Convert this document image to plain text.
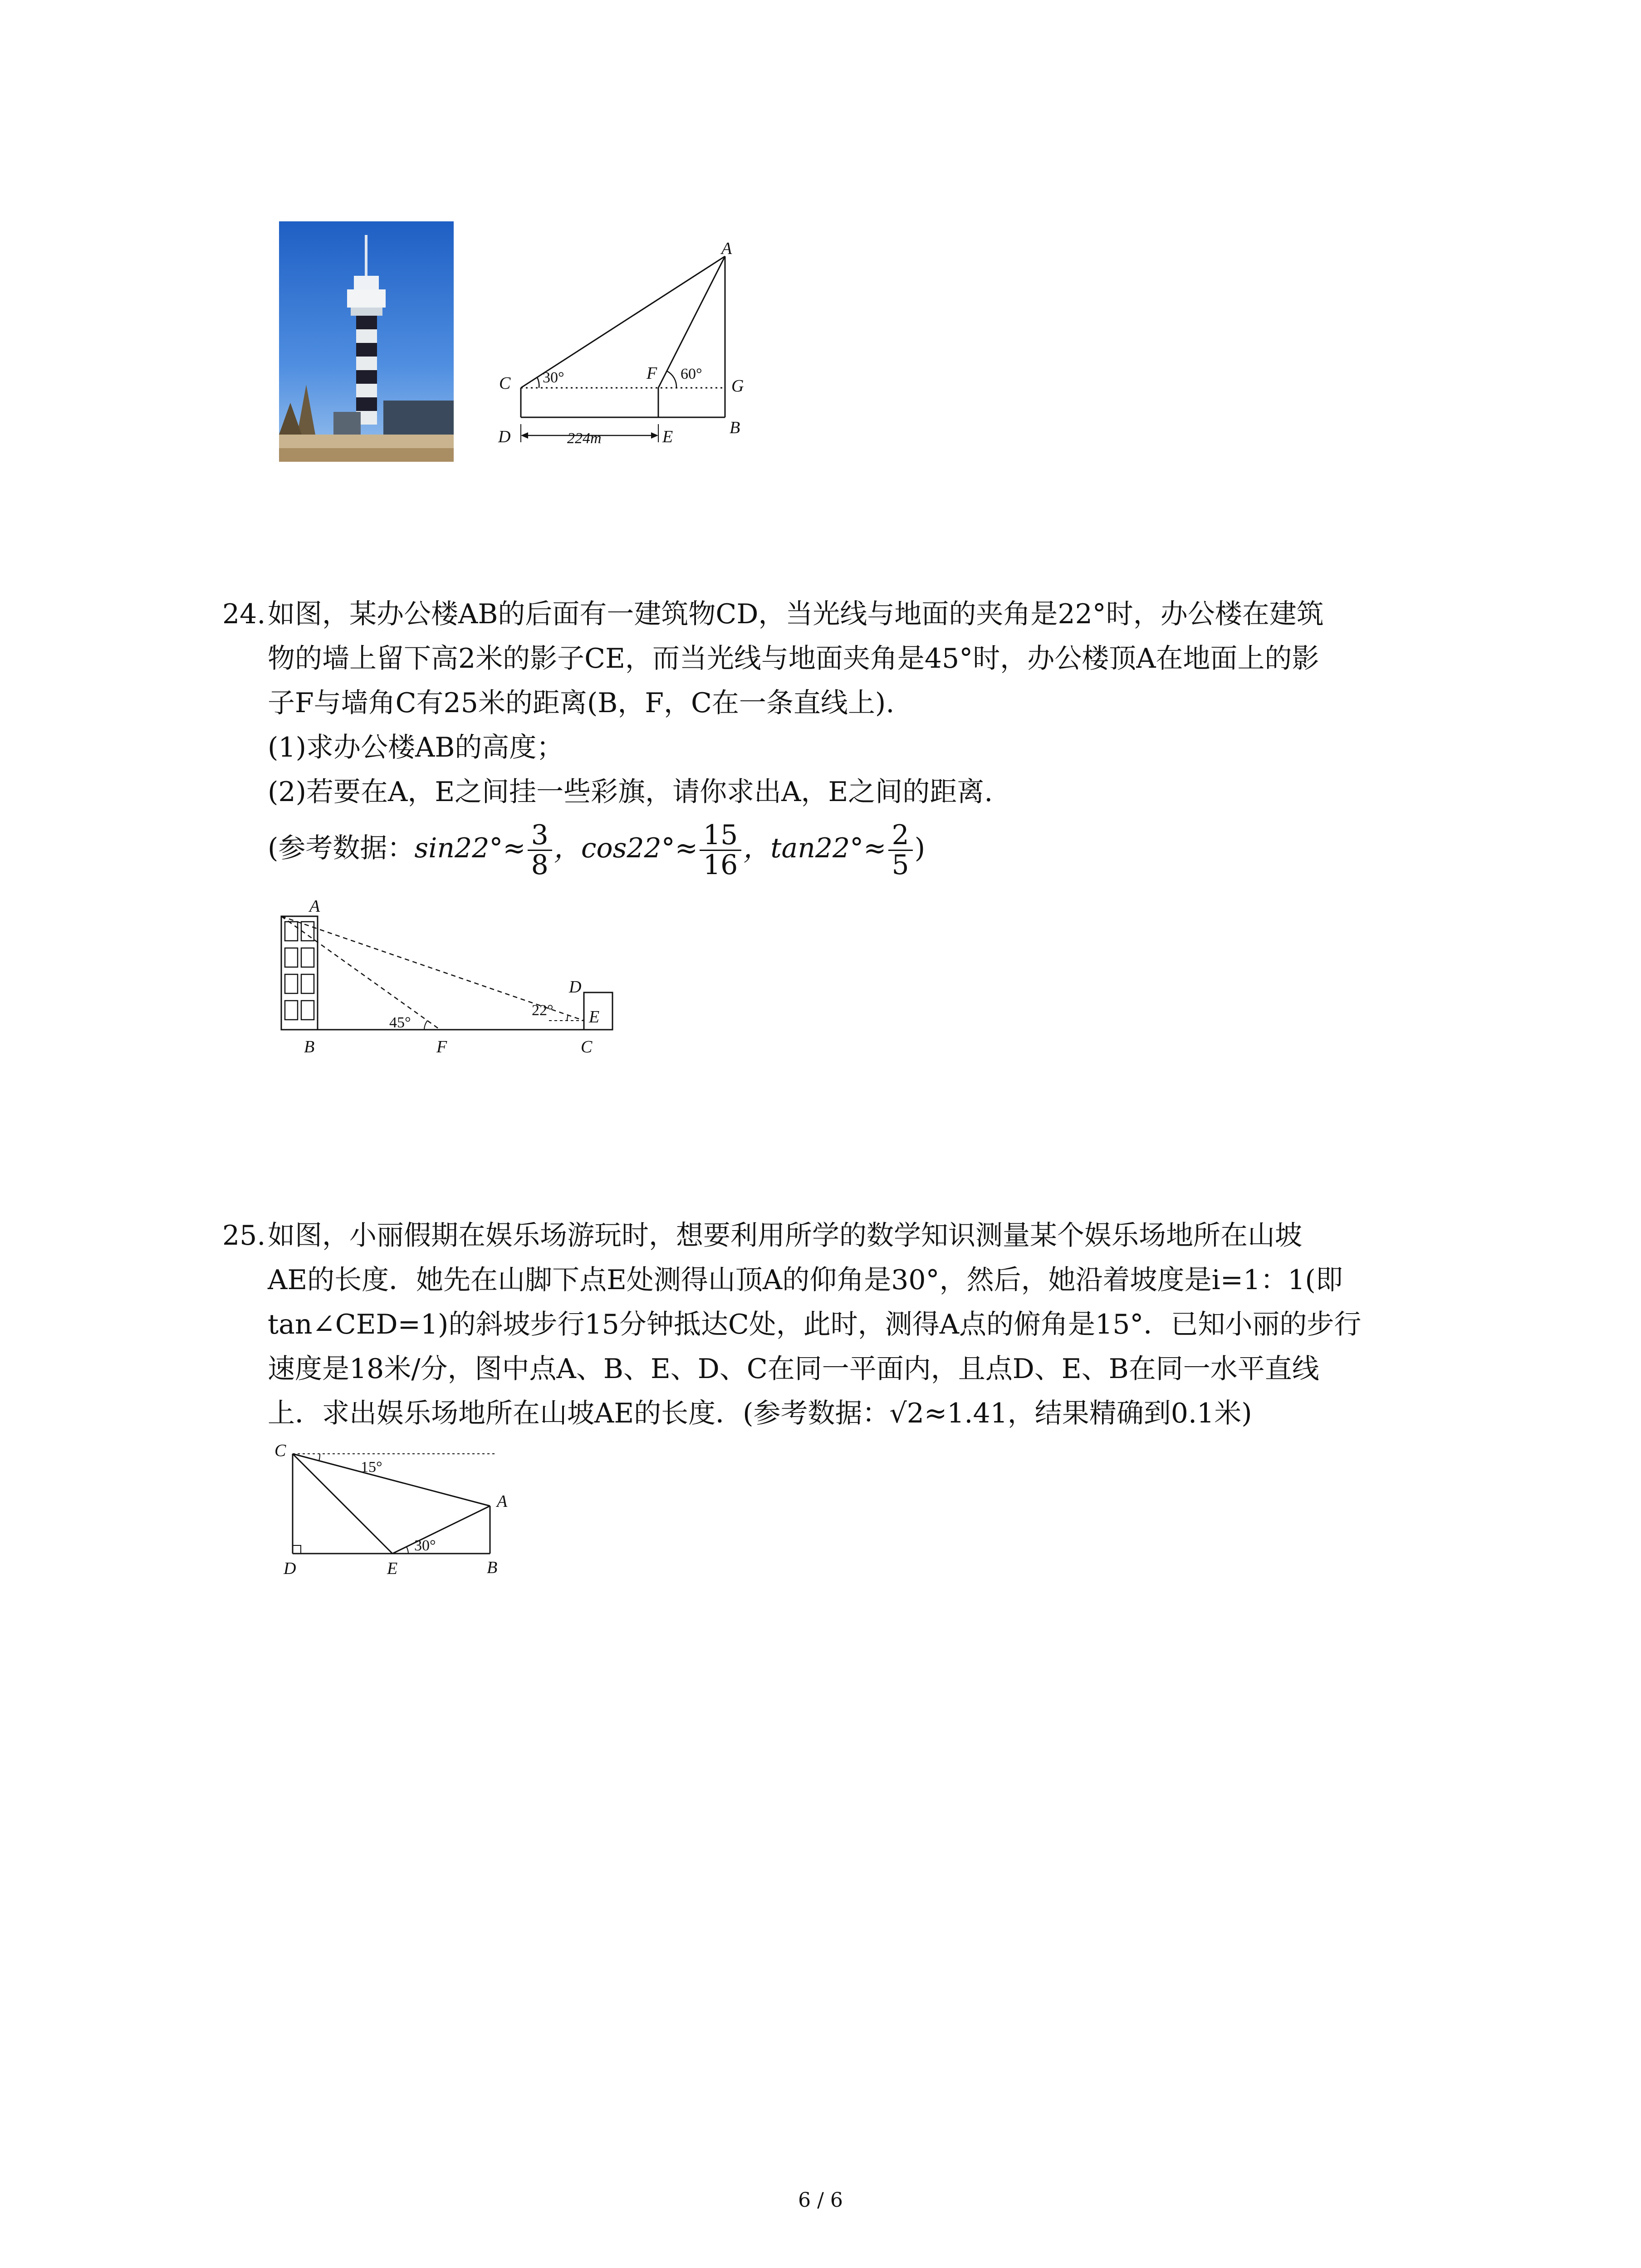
A
C
D
F
E
G
B
30°	60°
224m
24. 如图，某办公楼AB的后面有一建筑物CD，当光线与地面的夹角是22°时，办公楼在建筑
物的墙上留下高2米的影子CE，而当光线与地面夹角是45°时，办公楼顶A在地面上的影
子F与墙角C有25米的距离(B，F，C在一条直线上).
(1)求办公楼AB的高度；
(2)若要在A，E之间挂一些彩旗，请你求出A，E之间的距离.
(参考数据：$\sin 22^\circ\approx \frac{3}{8}$ ，$\cos 22^\circ\approx \frac{15}{16}$ ，$\tan 22^\circ\approx \frac{2}{5}$ )
A
B	F	C
D
E
45°
22°
25. 如图，小丽假期在娱乐场游玩时，想要利用所学的数学知识测量某个娱乐场地所在山坡
AE的长度．她先在山脚下点E处测得山顶A的仰角是30°，然后，她沿着坡度是i=1：1(即
tan∠CED=1)的斜坡步行15分钟抵达C处，此时，测得A点的俯角是15°．已知小丽的步行
速度是18米/分，图中点A、B、E、D、C在同一平面内，且点D、E、B在同一水平直线
上．求出娱乐场地所在山坡AE的长度．(参考数据：√2≈1.41，结果精确到0.1米)
C
A
D	E	B
15°
30°
6 / 6
